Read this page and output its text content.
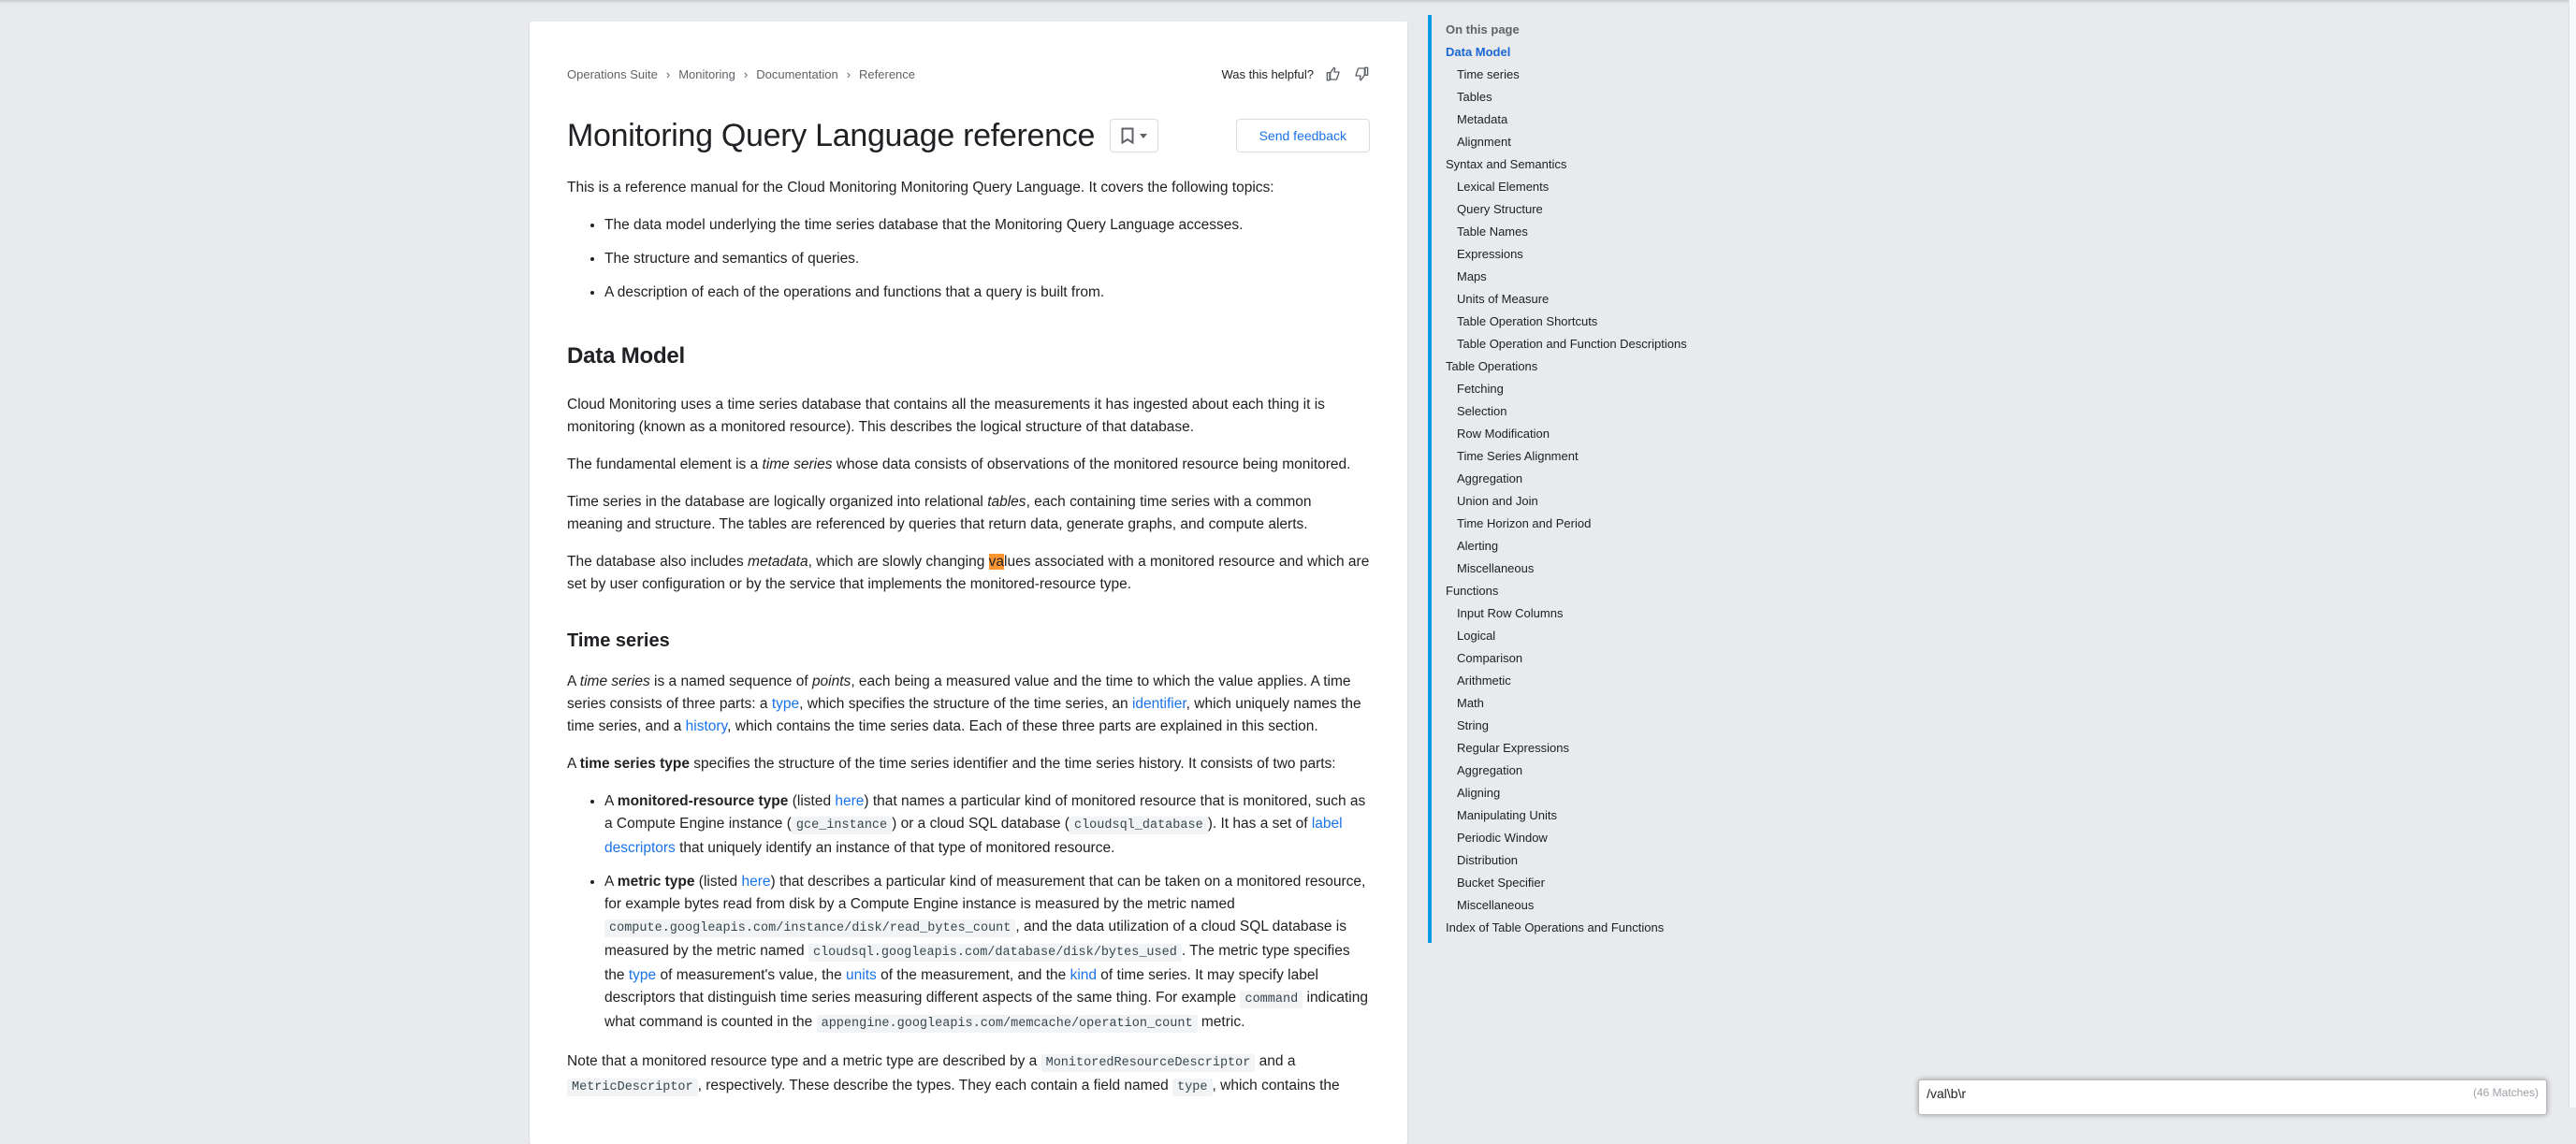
Operations Suite › Monitoring › Documentation › Reference	Was this helpful?
Monitoring Query Language reference	Send feedback

This is a reference manual for the Cloud Monitoring Monitoring Query Language. It covers the following topics:

• The data model underlying the time series database that the Monitoring Query Language accesses.
• The structure and semantics of queries.
• A description of each of the operations and functions that a query is built from.
Data Model

Cloud Monitoring uses a time series database that contains all the measurements it has ingested about each thing it is monitoring (known as a monitored resource). This describes the logical structure of that database.

The fundamental element is a time series whose data consists of observations of the monitored resource being monitored.

Time series in the database are logically organized into relational tables, each containing time series with a common meaning and structure. The tables are referenced by queries that return data, generate graphs, and compute alerts.

The database also includes metadata, which are slowly changing values associated with a monitored resource and which are set by user configuration or by the service that implements the monitored-resource type.

Time series

A time series is a named sequence of points, each being a measured value and the time to which the value applies. A time series consists of three parts: a type, which specifies the structure of the time series, an identifier, which uniquely names the time series, and a history, which contains the time series data. Each of these three parts are explained in this section.

A time series type specifies the structure of the time series identifier and the time series history. It consists of two parts:

• A monitored-resource type (listed here) that names a particular kind of monitored resource that is monitored, such as a Compute Engine instance ( gce_instance ) or a cloud SQL database ( cloudsql_database ). It has a set of label descriptors that uniquely identify an instance of that type of monitored resource.
• A metric type (listed here) that describes a particular kind of measurement that can be taken on a monitored resource, for example bytes read from disk by a Compute Engine instance is measured by the metric named compute.googleapis.com/instance/disk/read_bytes_count , and the data utilization of a cloud SQL database is measured by the metric named cloudsql.googleapis.com/database/disk/bytes_used . The metric type specifies the type of measurement's value, the units of the measurement, and the kind of time series. It may specify label descriptors that distinguish time series measuring different aspects of the same thing. For example command indicating what command is counted in the appengine.googleapis.com/memcache/operation_count metric.

Note that a monitored resource type and a metric type are described by a MonitoredResourceDescriptor and a MetricDescriptor , respectively. These describe the types. They each contain a field named type , which contains the

On this page
Data Model
Time series
Tables
Metadata
Alignment
Syntax and Semantics
Lexical Elements
Query Structure
Table Names
Expressions
Maps
Units of Measure
Table Operation Shortcuts
Table Operation and Function Descriptions
Table Operations
Fetching
Selection
Row Modification
Time Series Alignment
Aggregation
Union and Join
Time Horizon and Period
Alerting
Miscellaneous
Functions
Input Row Columns
Logical
Comparison
Arithmetic
Math
String
Regular Expressions
Aggregation
Aligning
Manipulating Units
Periodic Window
Distribution
Bucket Specifier
Miscellaneous
Index of Table Operations and Functions
/val\b\r
(46 Matches)
